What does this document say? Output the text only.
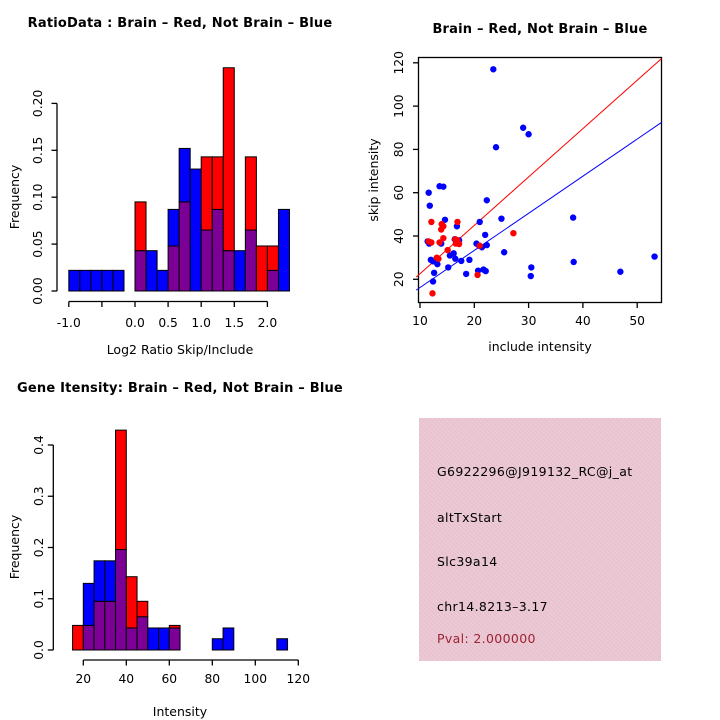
RatioData : Brain – Red, Not Brain – Blue
0.00
0.05
0.10
0.15
0.20
-1.0	0.0 0.5 1.0 1.5 2.0
Log2 Ratio Skip/Include
Frequency
Brain – Red, Not Brain – Blue
10	20	30	40	50
20
40
60
80
100
120
include intensity
skip intensity
Gene Itensity: Brain – Red, Not Brain – Blue
0.0
0.1
0.2
0.3
0.4
20 40 60 80 100 120
Intensity
Frequency
G6922296@J919132_RC@j_at
altTxStart
Slc39a14
chr14.8213–3.17
Pval: 2.000000
